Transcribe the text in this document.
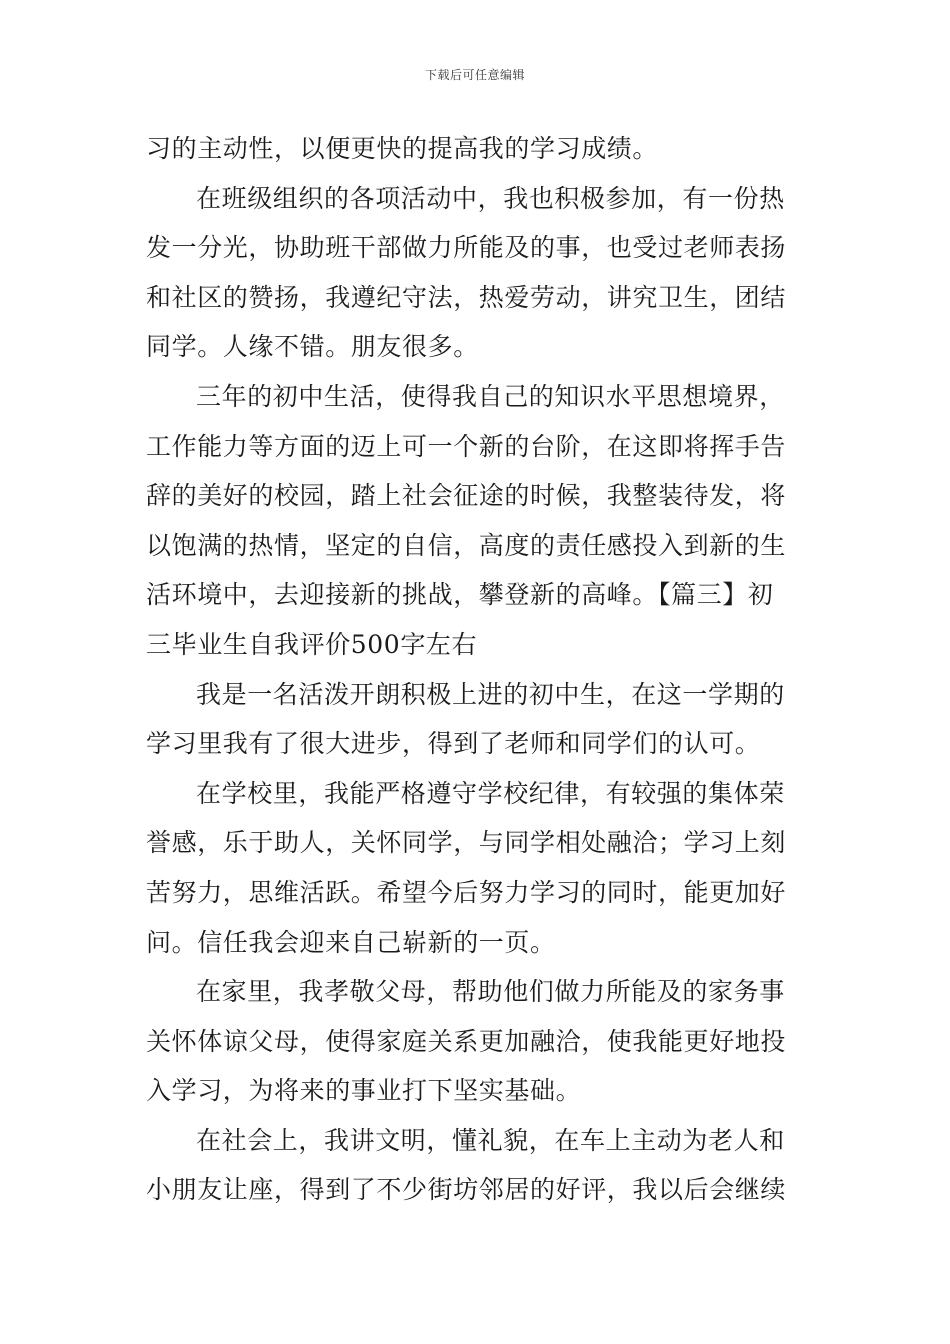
下载后可任意编辑
习的主动性，以便更快的提高我的学习成绩。
在班级组织的各项活动中，我也积极参加，有一份热
发一分光，协助班干部做力所能及的事，也受过老师表扬
和社区的赞扬，我遵纪守法，热爱劳动，讲究卫生，团结
同学。人缘不错。朋友很多。
三年的初中生活，使得我自己的知识水平思想境界，
工作能力等方面的迈上可一个新的台阶，在这即将挥手告
辞的美好的校园，踏上社会征途的时候，我整装待发，将
以饱满的热情，坚定的自信，高度的责任感投入到新的生
活环境中，去迎接新的挑战，攀登新的高峰。【篇三】初
三毕业生自我评价500字左右
我是一名活泼开朗积极上进的初中生，在这一学期的
学习里我有了很大进步，得到了老师和同学们的认可。
在学校里，我能严格遵守学校纪律，有较强的集体荣
誉感，乐于助人，关怀同学，与同学相处融洽；学习上刻
苦努力，思维活跃。希望今后努力学习的同时，能更加好
问。信任我会迎来自己崭新的一页。
在家里，我孝敬父母，帮助他们做力所能及的家务事
关怀体谅父母，使得家庭关系更加融洽，使我能更好地投
入学习，为将来的事业打下坚实基础。
在社会上，我讲文明，懂礼貌，在车上主动为老人和
小朋友让座，得到了不少街坊邻居的好评，我以后会继续
